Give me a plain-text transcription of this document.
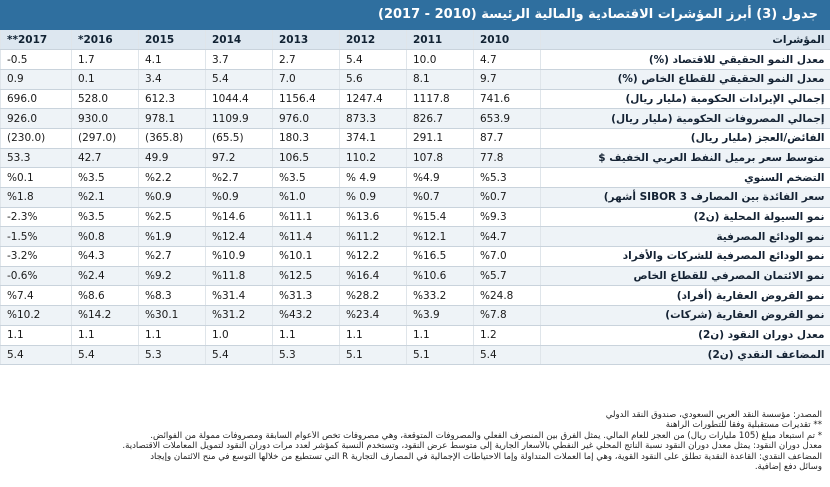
جدول (3) أبرز المؤشرات الاقتصادية والمالية الرئيسة (2010 - 2017)
المؤشرات	2010	2011	2012	2013	2014	2015	*2016	**2017
معدل النمو الحقيقي للاقتصاد (%)	4.7	10.0	5.4	2.7	3.7	4.1	1.7	-0.5
معدل النمو الحقيقي للقطاع الخاص (%)	9.7	8.1	5.6	7.0	5.4	3.4	0.1	0.9
إجمالي الإيرادات الحكومية (مليار ريال)	741.6	1117.8	1247.4	1156.4	1044.4	612.3	528.0	696.0
إجمالي المصروفات الحكومية (مليار ريال)	653.9	826.7	873.3	976.0	1109.9	978.1	930.0	926.0
الفائض/العجز (مليار ريال)	87.7	291.1	374.1	180.3	(65.5)	(365.8)	(297.0)	(230.0)
متوسط سعر برميل النفط العربي الخفيف $	77.8	107.8	110.2	106.5	97.2	49.9	42.7	53.3
التضخم السنوي	%5.3	%4.9	% 4.9	%3.5	%2.7	%2.2	%3.5	%0.1
سعر الفائدة بين المصارف SIBOR 3 أشهر)	%0.7	%0.7	% 0.9	%1.0	%0.9	%0.9	%2.1	%1.8
نمو السيولة المحلية (ن2)	%9.3	%15.4	%13.6	%11.1	%14.6	%2.5	%3.5	-2.3%
نمو الودائع المصرفية	%4.7	%12.1	%11.2	%11.4	%12.4	%1.9	%0.8	-1.5%
نمو الودائع المصرفية للشركات والأفراد	%7.0	%16.5	%12.2	%10.1	%10.9	%2.7	%4.3	-3.2%
نمو الائتمان المصرفي للقطاع الخاص	%5.7	%10.6	%16.4	%12.5	%11.8	%9.2	%2.4	-0.6%
نمو القروض العقارية (أفراد)	%24.8	%33.2	%28.2	%31.3	%31.4	%8.3	%8.6	%7.4
نمو القروض العقارية (شركات)	%7.8	%3.9	%23.4	%43.2	%31.2	%30.1	%14.2	%10.2
معدل دوران النقود (ن2)	1.2	1.1	1.1	1.1	1.0	1.1	1.1	1.1
المضاعف النقدي (ن2)	5.4	5.1	5.1	5.3	5.4	5.3	5.4	5.4
المصدر: مؤسسة النقد العربي السعودي، صندوق النقد الدولي
** تقديرات مستقبلية وفقاً للتطورات الراهنة
* تم استبعاد مبلغ (105 مليارات ريال) من العجز للعام المالي. يمثل الفرق بين المنصرف الفعلي والمصروفات المتوقعة، وهي مصروفات تخص الأعوام السابقة ومصروفات ممولة من الفوائض.
معدل دوران النقود: يمثل معدل دوران النقود نسبة الناتج المحلي غير النفطي بالأسعار الجارية إلى متوسط عرض النقود، وتستخدم النسبة كمؤشر لعدد مرات دوران النقود لتمويل المعاملات الاقتصادية.
المضاعف النقدي: القاعدة النقدية تطلق على النقود القوية، وهي إما العملات المتداولة وإما الاحتياطات الإجمالية في المصارف التجارية R التي تستطيع من خلالها التوسع في منح الائتمان وإيجاد
وسائل دفع إضافية.
